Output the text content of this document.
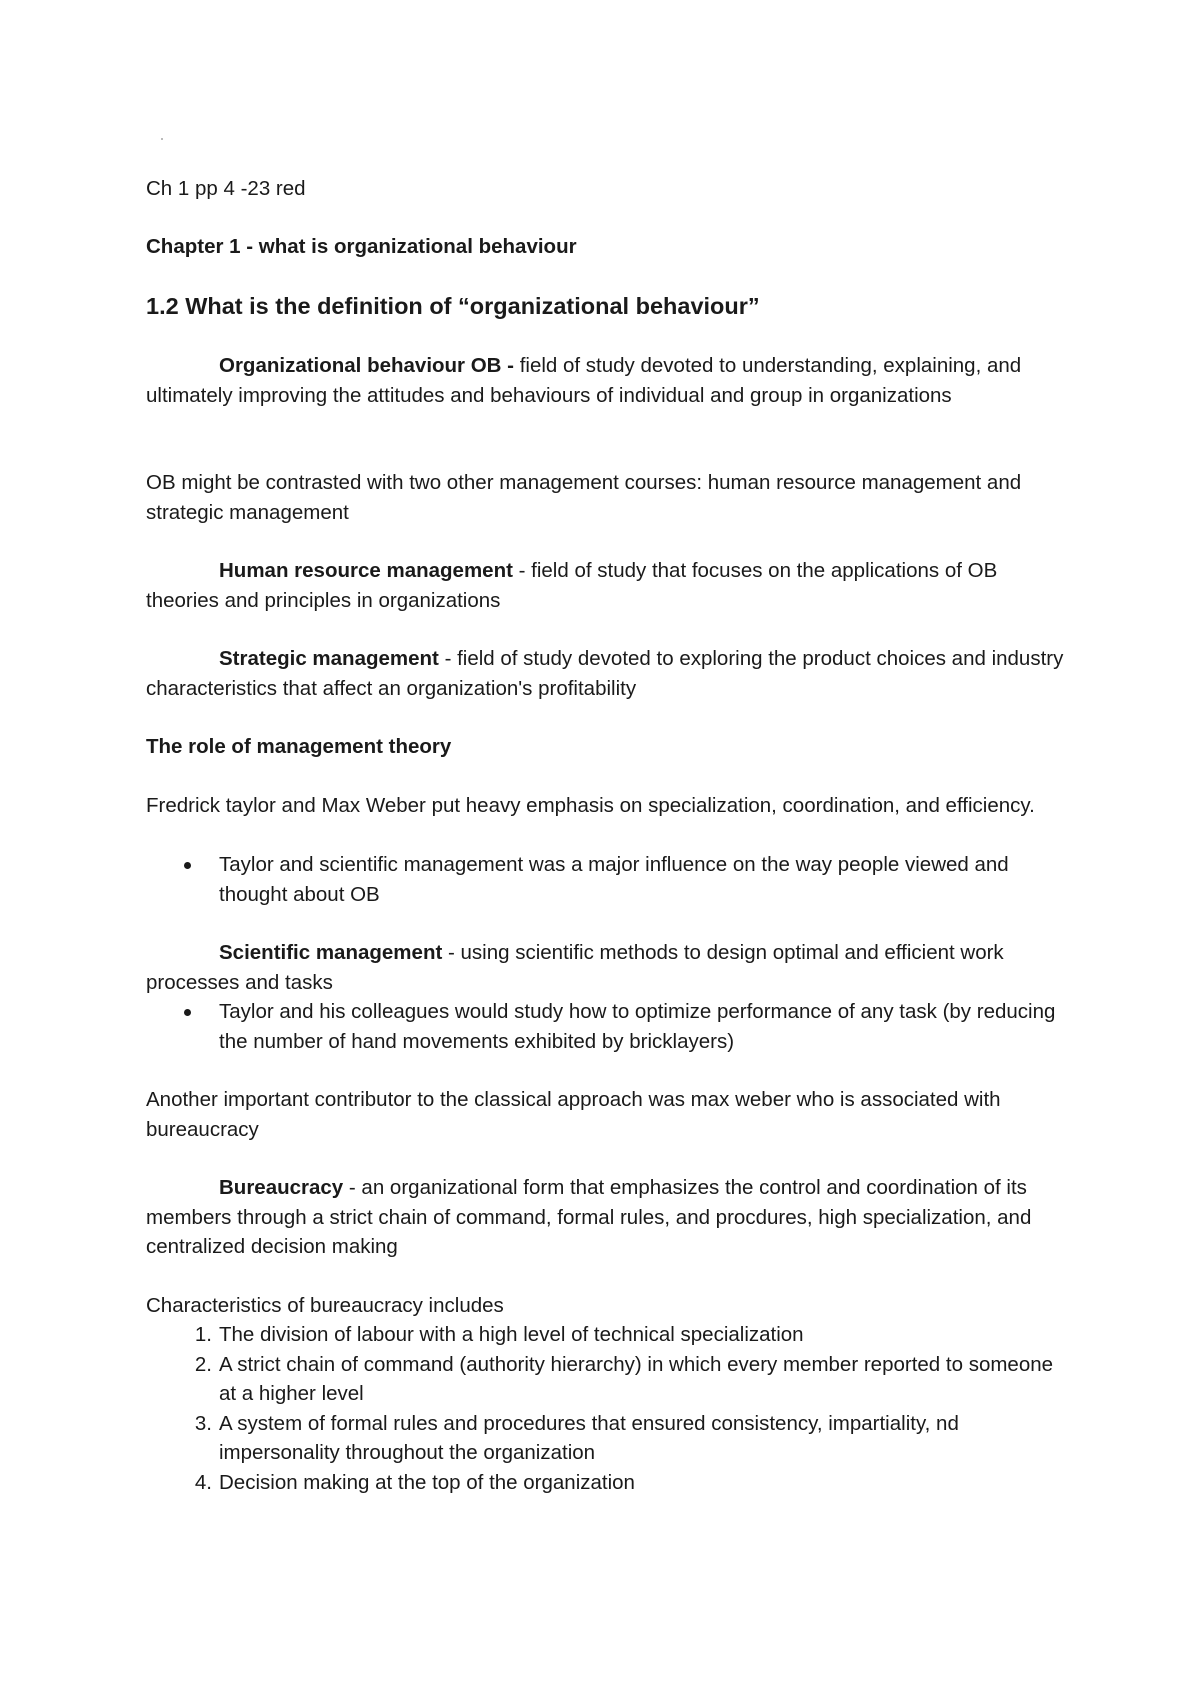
Ch 1 pp 4 -23 red

Chapter 1 - what is organizational behaviour

1.2 What is the definition of “organizational behaviour”

Organizational behaviour OB - field of study devoted to understanding, explaining, and ultimately improving the attitudes and behaviours of individual and group in organizations

OB might be contrasted with two other management courses: human resource management and strategic management

Human resource management - field of study that focuses on the applications of OB theories and principles in organizations

Strategic management - field of study devoted to exploring the product choices and industry characteristics that affect an organization's profitability

The role of management theory

Fredrick taylor and Max Weber put heavy emphasis on specialization, coordination, and efficiency.

Taylor and scientific management was a major influence on the way people viewed and thought about OB

Scientific management - using scientific methods to design optimal and efficient work processes and tasks

Taylor and his colleagues would study how to optimize performance of any task (by reducing the number of hand movements exhibited by bricklayers)

Another important contributor to the classical approach was max weber who is associated with bureaucracy

Bureaucracy - an organizational form that emphasizes the control and coordination of its members through a strict chain of command, formal rules, and procdures, high specialization, and centralized decision making

Characteristics of bureaucracy includes

1. The division of labour with a high level of technical specialization
2. A strict chain of command (authority hierarchy) in which every member reported to someone at a higher level
3. A system of formal rules and procedures that ensured consistency, impartiality, nd impersonality throughout the organization
4. Decision making at the top of the organization
